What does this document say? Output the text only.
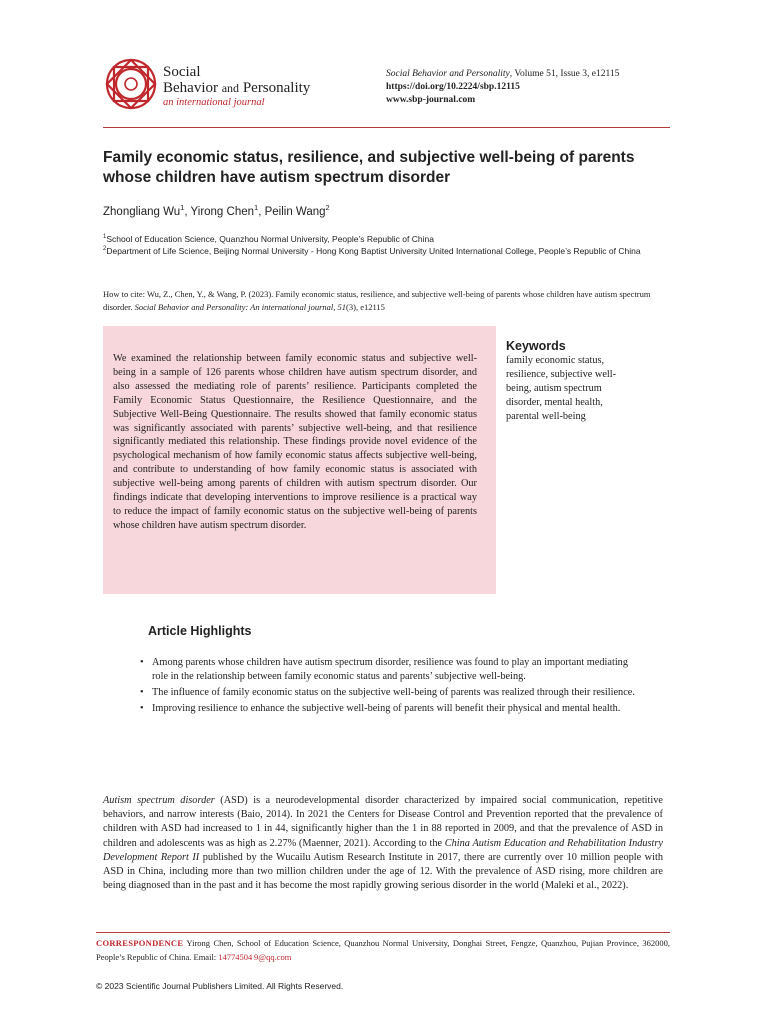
Social
Behavior and Personality
an international journal
Social Behavior and Personality, Volume 51, Issue 3, e12115
https://doi.org/10.2224/sbp.12115
www.sbp-journal.com
Family economic status, resilience, and subjective well-being of parents whose children have autism spectrum disorder
Zhongliang Wu$^1$, Yirong Chen$^1$, Peilin Wang$^2$
$^1$School of Education Science, Quanzhou Normal University, People’s Republic of China
$^2$Department of Life Science, Beijing Normal University - Hong Kong Baptist University United International College, People’s Republic of China
How to cite: Wu, Z., Chen, Y., & Wang, P. (2023). Family economic status, resilience, and subjective well-being of parents whose children have autism spectrum disorder. Social Behavior and Personality: An international journal, 51(3), e12115
We examined the relationship between family economic status and subjective well-being in a sample of 126 parents whose children have autism spectrum disorder, and also assessed the mediating role of parents’ resilience. Participants completed the Family Economic Status Questionnaire, the Resilience Questionnaire, and the Subjective Well-Being Questionnaire. The results showed that family economic status was significantly associated with parents’ subjective well-being, and that resilience significantly mediated this relationship. These findings provide novel evidence of the psychological mechanism of how family economic status affects subjective well-being, and contribute to understanding of how family economic status is associated with subjective well-being among parents of children with autism spectrum disorder. Our findings indicate that developing interventions to improve resilience is a practical way to reduce the impact of family economic status on the subjective well-being of parents whose children have autism spectrum disorder.
Keywords
family economic status, resilience, subjective well-being, autism spectrum disorder, mental health, parental well-being
Article Highlights
• Among parents whose children have autism spectrum disorder, resilience was found to play an important mediating role in the relationship between family economic status and parents’ subjective well-being.
• The influence of family economic status on the subjective well-being of parents was realized through their resilience.
• Improving resilience to enhance the subjective well-being of parents will benefit their physical and mental health.
Autism spectrum disorder (ASD) is a neurodevelopmental disorder characterized by impaired social communication, repetitive behaviors, and narrow interests (Baio, 2014). In 2021 the Centers for Disease Control and Prevention reported that the prevalence of children with ASD had increased to 1 in 44, significantly higher than the 1 in 88 reported in 2009, and that the prevalence of ASD in children and adolescents was as high as 2.27% (Maenner, 2021). According to the China Autism Education and Rehabilitation Industry Development Report II published by the Wucailu Autism Research Institute in 2017, there are currently over 10 million people with ASD in China, including more than two million children under the age of 12. With the prevalence of ASD rising, more children are being diagnosed than in the past and it has become the most rapidly growing serious disorder in the world (Maleki et al., 2022).
CORRESPONDENCE Yirong Chen, School of Education Science, Quanzhou Normal University, Donghai Street, Fengze, Quanzhou, Pujian Province, 362000, People’s Republic of China. Email: 14774504 9@qq.com
© 2023 Scientific Journal Publishers Limited. All Rights Reserved.
